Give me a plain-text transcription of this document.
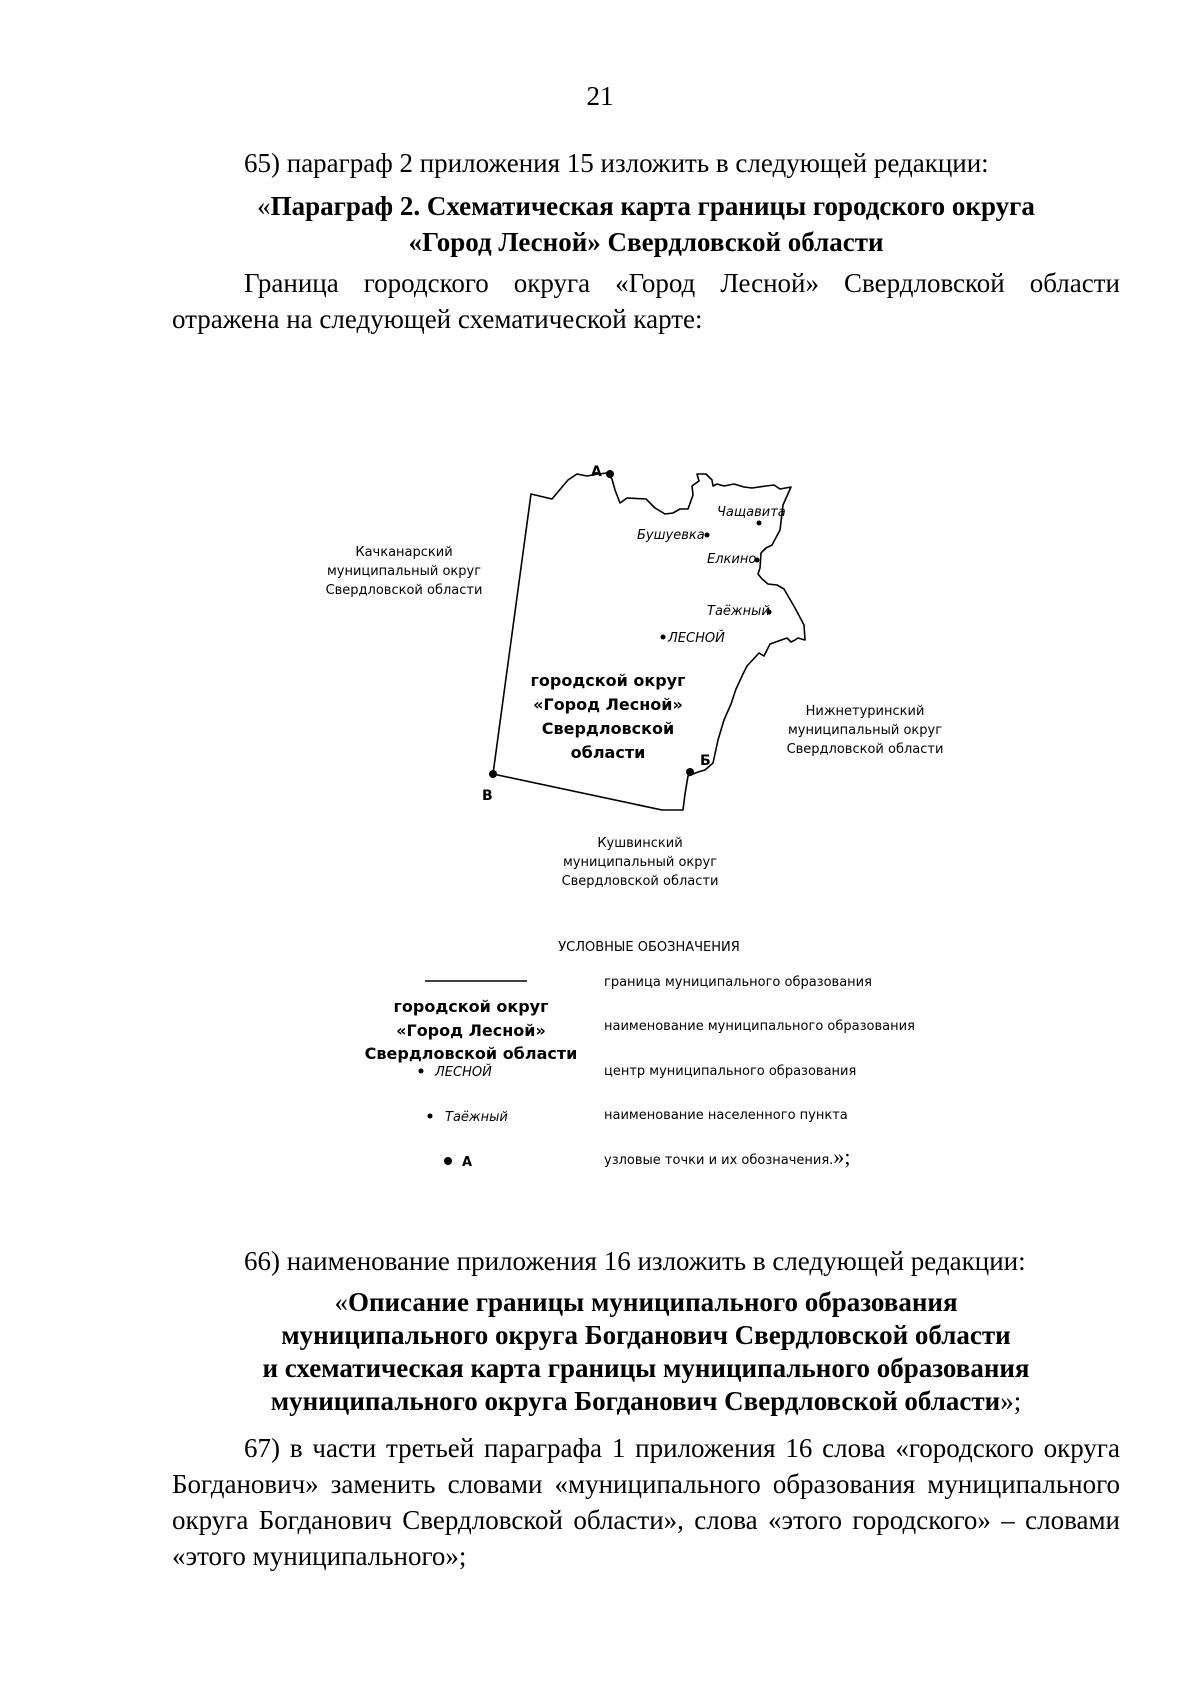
21
65) параграф 2 приложения 15 изложить в следующей редакции:
«Параграф 2. Схематическая карта границы городского округа
«Город Лесной» Свердловской области
Граница городского округа «Город Лесной» Свердловской области отражена на следующей схематической карте:
А
Б
В
Чащавита
Бушуевка
Елкино
Таёжный
ЛЕСНОЙ
городской округ
«Город Лесной»
Свердловской
области
Качканарский
муниципальный округ
Свердловской области
Нижнетуринский
муниципальный округ
Свердловской области
Кушвинский
муниципальный округ
Свердловской области
УСЛОВНЫЕ ОБОЗНАЧЕНИЯ
городской округ
«Город Лесной»
Свердловской области
ЛЕСНОЙ
Таёжный
А
граница муниципального образования
наименование муниципального образования
центр муниципального образования
наименование населенного пункта
узловые точки и их обозначения.»;
66) наименование приложения 16 изложить в следующей редакции:
«Описание границы муниципального образования
муниципального округа Богданович Свердловской области
и схематическая карта границы муниципального образования
муниципального округа Богданович Свердловской области»;
67) в части третьей параграфа 1 приложения 16 слова «городского округа Богданович» заменить словами «муниципального образования муниципального округа Богданович Свердловской области», слова «этого городского» – словами «этого муниципального»;
